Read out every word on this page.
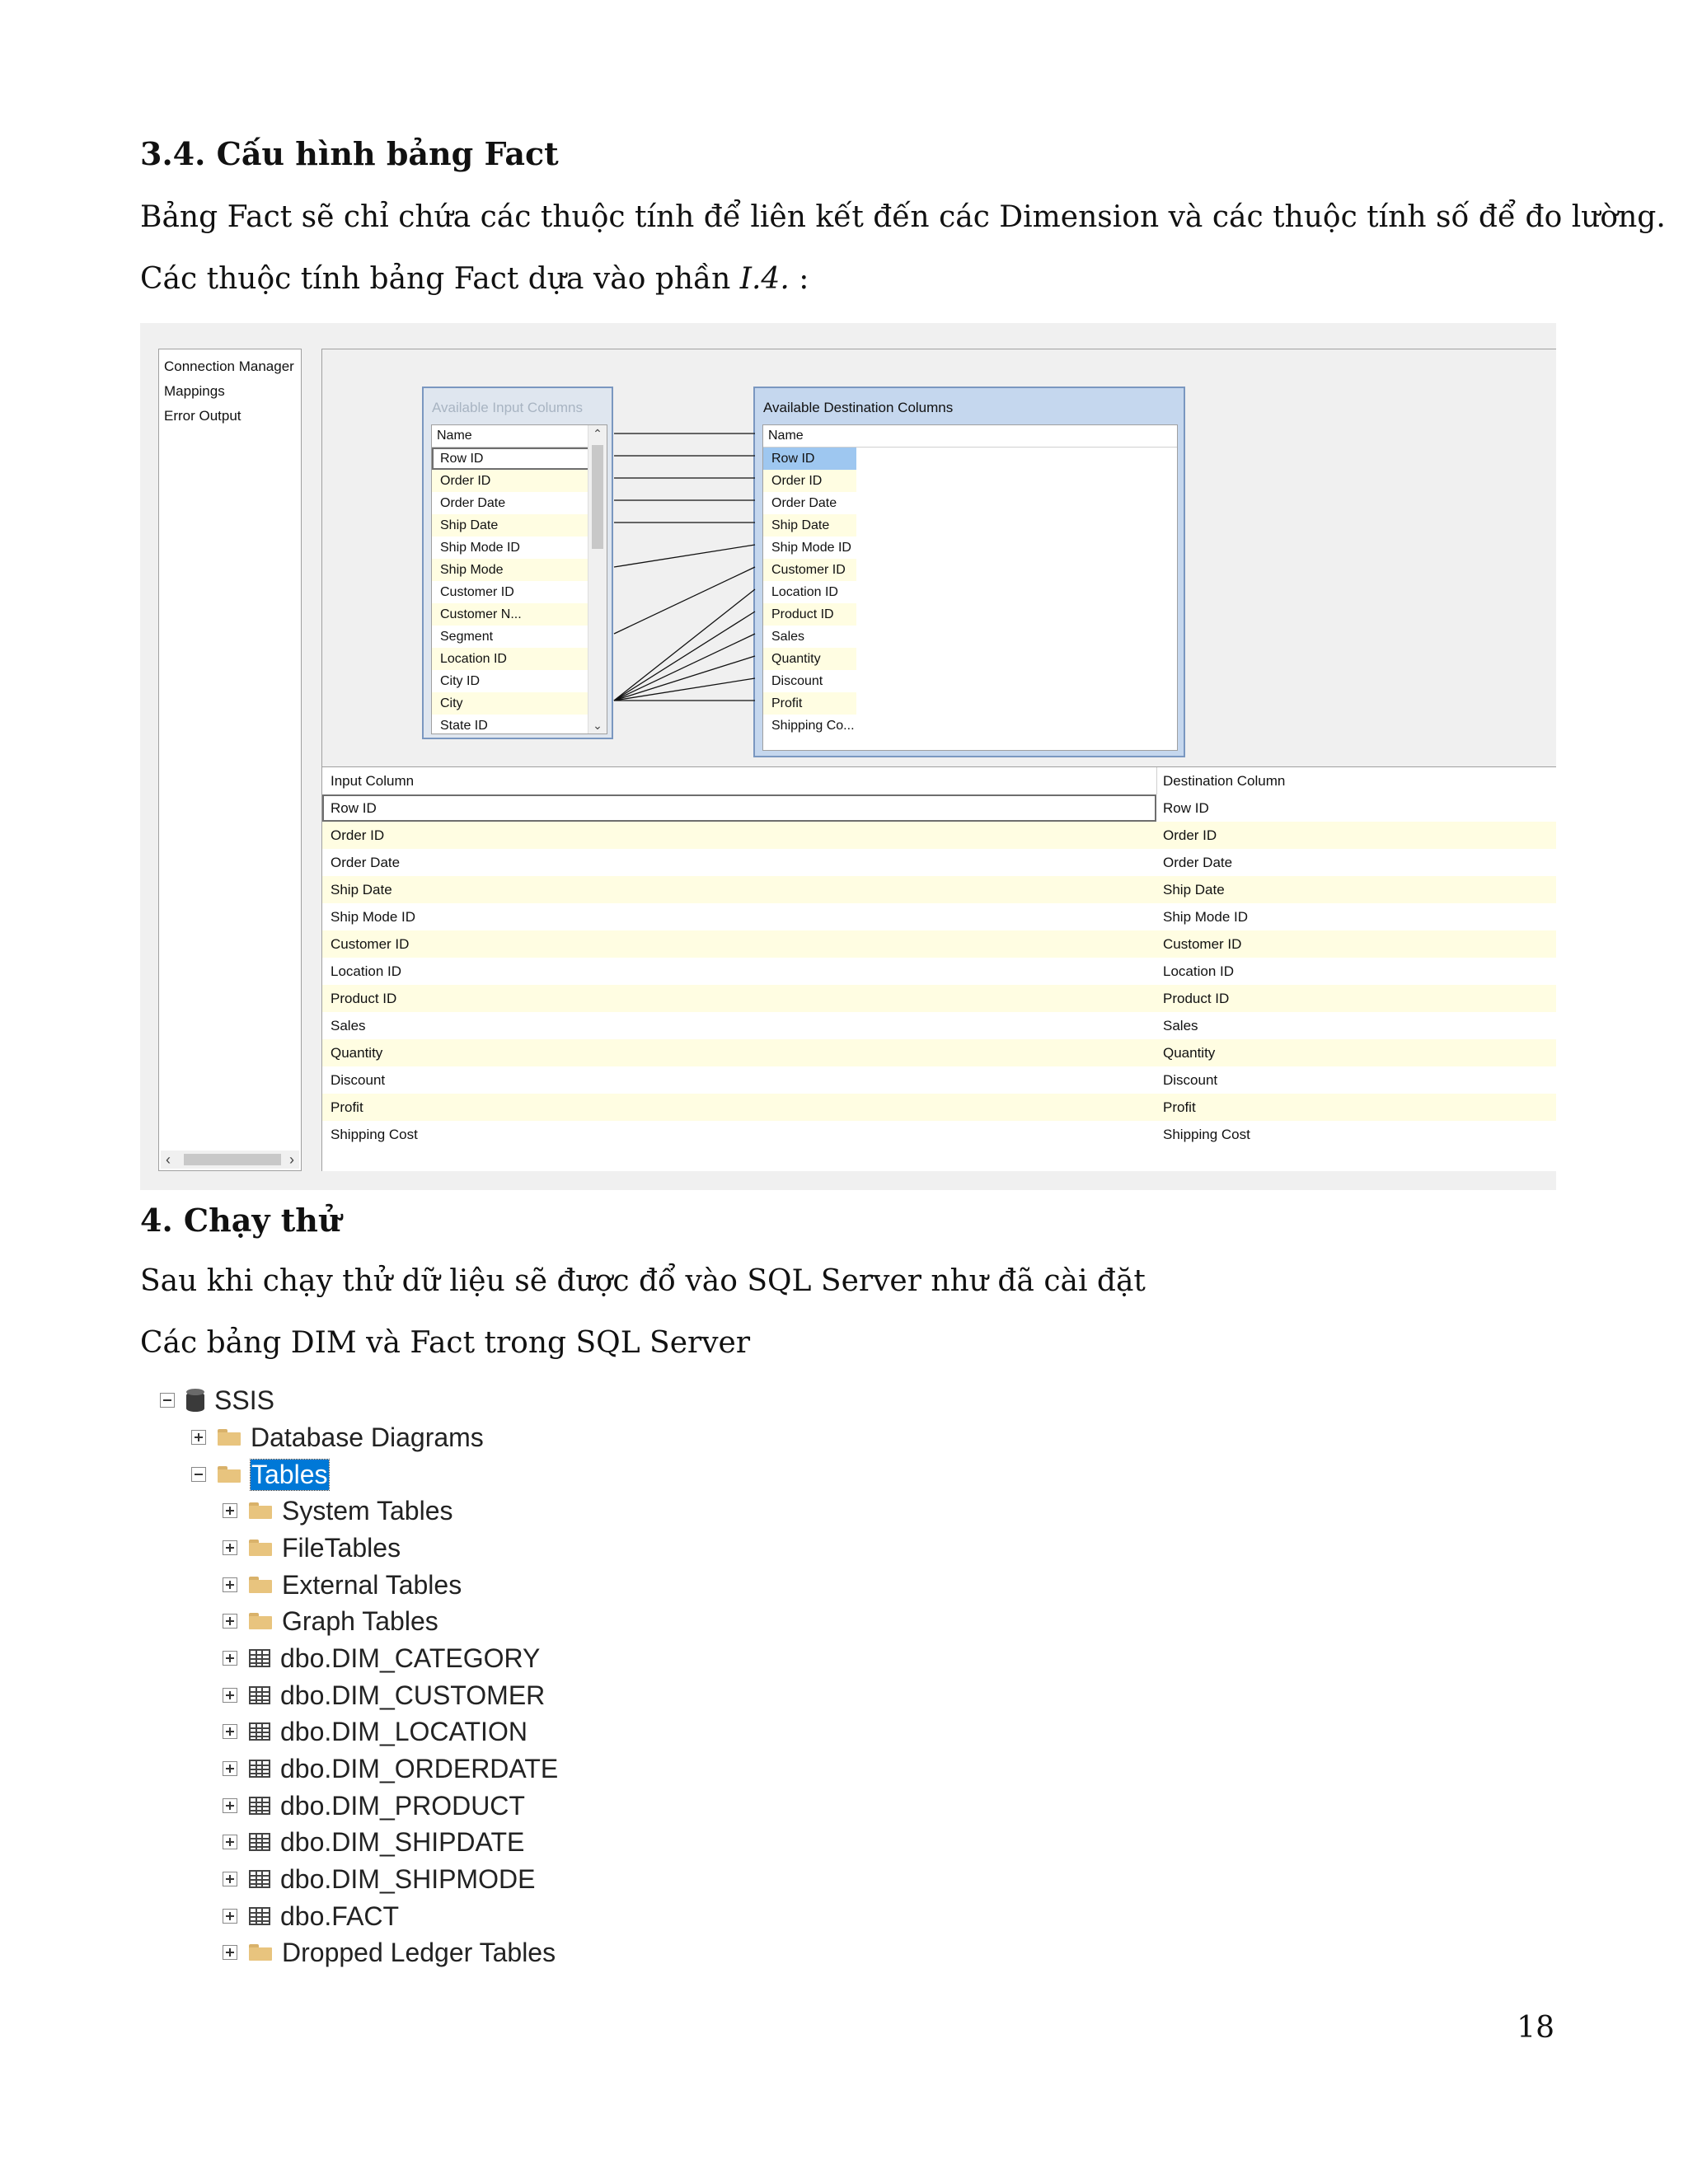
3.4. Cấu hình bảng Fact
Bảng Fact sẽ chỉ chứa các thuộc tính để liên kết đến các Dimension và các thuộc tính số để đo lường.
Các thuộc tính bảng Fact dựa vào phần I.4. :
Connection Manager
Mappings
Error Output
‹	›
Available Input Columns
Name
Row ID
Order ID
Order Date
Ship Date
Ship Mode ID
Ship Mode
Customer ID
Customer N...
Segment
Location ID
City ID
City
State ID
⌃
⌄
Available Destination Columns
Name
Row ID
Order ID
Order Date
Ship Date
Ship Mode ID
Customer ID
Location ID
Product ID
Sales
Quantity
Discount
Profit
Shipping Co...
Input Column	Destination Column
Row ID	Row ID
Order ID	Order ID
Order Date	Order Date
Ship Date	Ship Date
Ship Mode ID	Ship Mode ID
Customer ID	Customer ID
Location ID	Location ID
Product ID	Product ID
Sales	Sales
Quantity	Quantity
Discount	Discount
Profit	Profit
Shipping Cost	Shipping Cost
4. Chạy thử
Sau khi chạy thử dữ liệu sẽ được đổ vào SQL Server như đã cài đặt
Các bảng DIM và Fact trong SQL Server
SSIS
Database Diagrams
Tables
System Tables
FileTables
External Tables
Graph Tables
dbo.DIM_CATEGORY
dbo.DIM_CUSTOMER
dbo.DIM_LOCATION
dbo.DIM_ORDERDATE
dbo.DIM_PRODUCT
dbo.DIM_SHIPDATE
dbo.DIM_SHIPMODE
dbo.FACT
Dropped Ledger Tables
18
